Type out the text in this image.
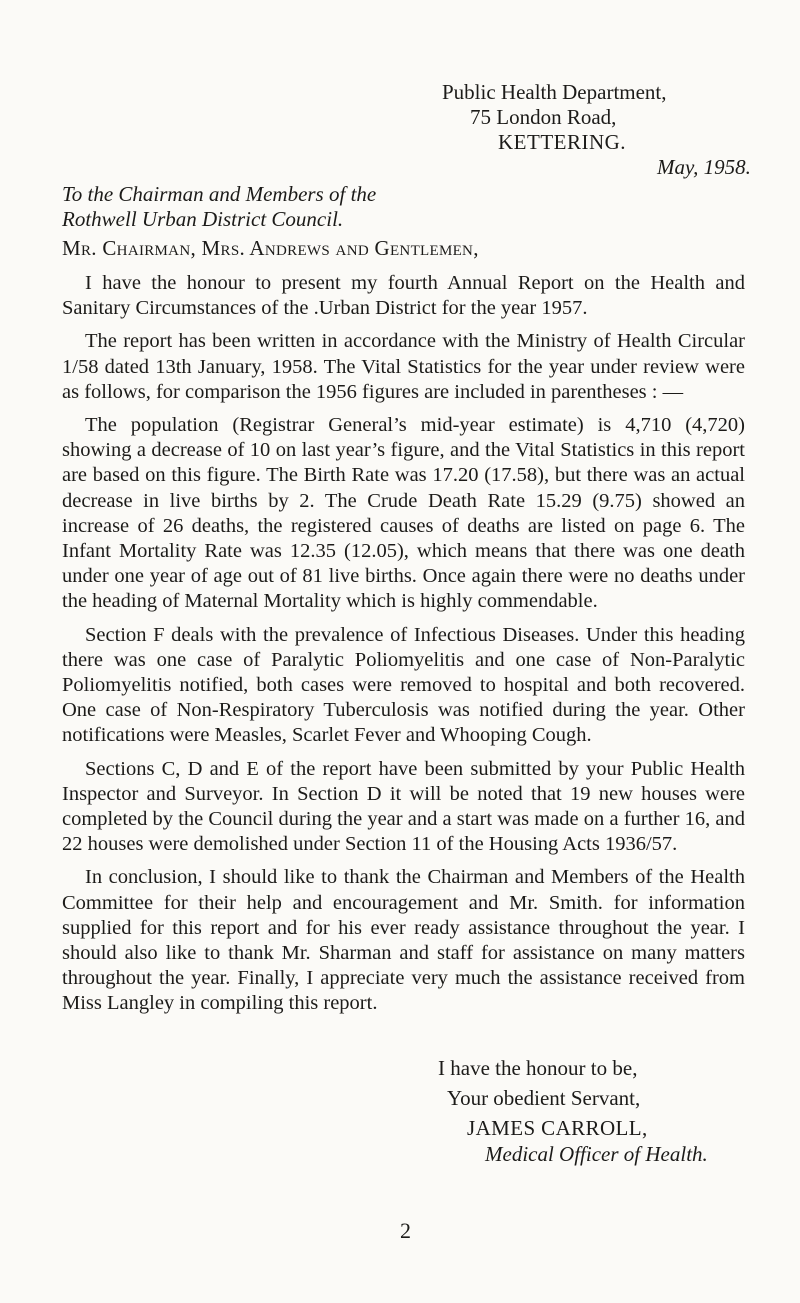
Public Health Department,
75 London Road,
KETTERING.
May, 1958.
To the Chairman and Members of the
Rothwell Urban District Council.
Mr. Chairman, Mrs. Andrews and Gentlemen,

I have the honour to present my fourth Annual Report on the Health and Sanitary Circumstances of the .Urban District for the year 1957.

The report has been written in accordance with the Ministry of Health Circular 1/58 dated 13th January, 1958. The Vital Statistics for the year under review were as follows, for comparison the 1956 figures are included in parentheses : —

The population (Registrar General’s mid-year estimate) is 4,710 (4,720) showing a decrease of 10 on last year’s figure, and the Vital Statistics in this report are based on this figure. The Birth Rate was 17.20 (17.58), but there was an actual decrease in live births by 2. The Crude Death Rate 15.29 (9.75) showed an increase of 26 deaths, the registered causes of deaths are listed on page 6. The Infant Mortality Rate was 12.35 (12.05), which means that there was one death under one year of age out of 81 live births. Once again there were no deaths under the heading of Maternal Mortality which is highly commendable.

Section F deals with the prevalence of Infectious Diseases. Under this heading there was one case of Paralytic Poliomyelitis and one case of Non-Paralytic Poliomyelitis notified, both cases were removed to hospital and both recovered. One case of Non-Respiratory Tuberculosis was notified during the year. Other notifications were Measles, Scarlet Fever and Whooping Cough.

Sections C, D and E of the report have been submitted by your Public Health Inspector and Surveyor. In Section D it will be noted that 19 new houses were completed by the Council during the year and a start was made on a further 16, and 22 houses were demolished under Section 11 of the Housing Acts 1936/57.

In conclusion, I should like to thank the Chairman and Members of the Health Committee for their help and encouragement and Mr. Smith. for information supplied for this report and for his ever ready assistance throughout the year. I should also like to thank Mr. Sharman and staff for assistance on many matters throughout the year. Finally, I appreciate very much the assistance received from Miss Langley in compiling this report.

I have the honour to be,
Your obedient Servant,
JAMES CARROLL,
Medical Officer of Health.
2
